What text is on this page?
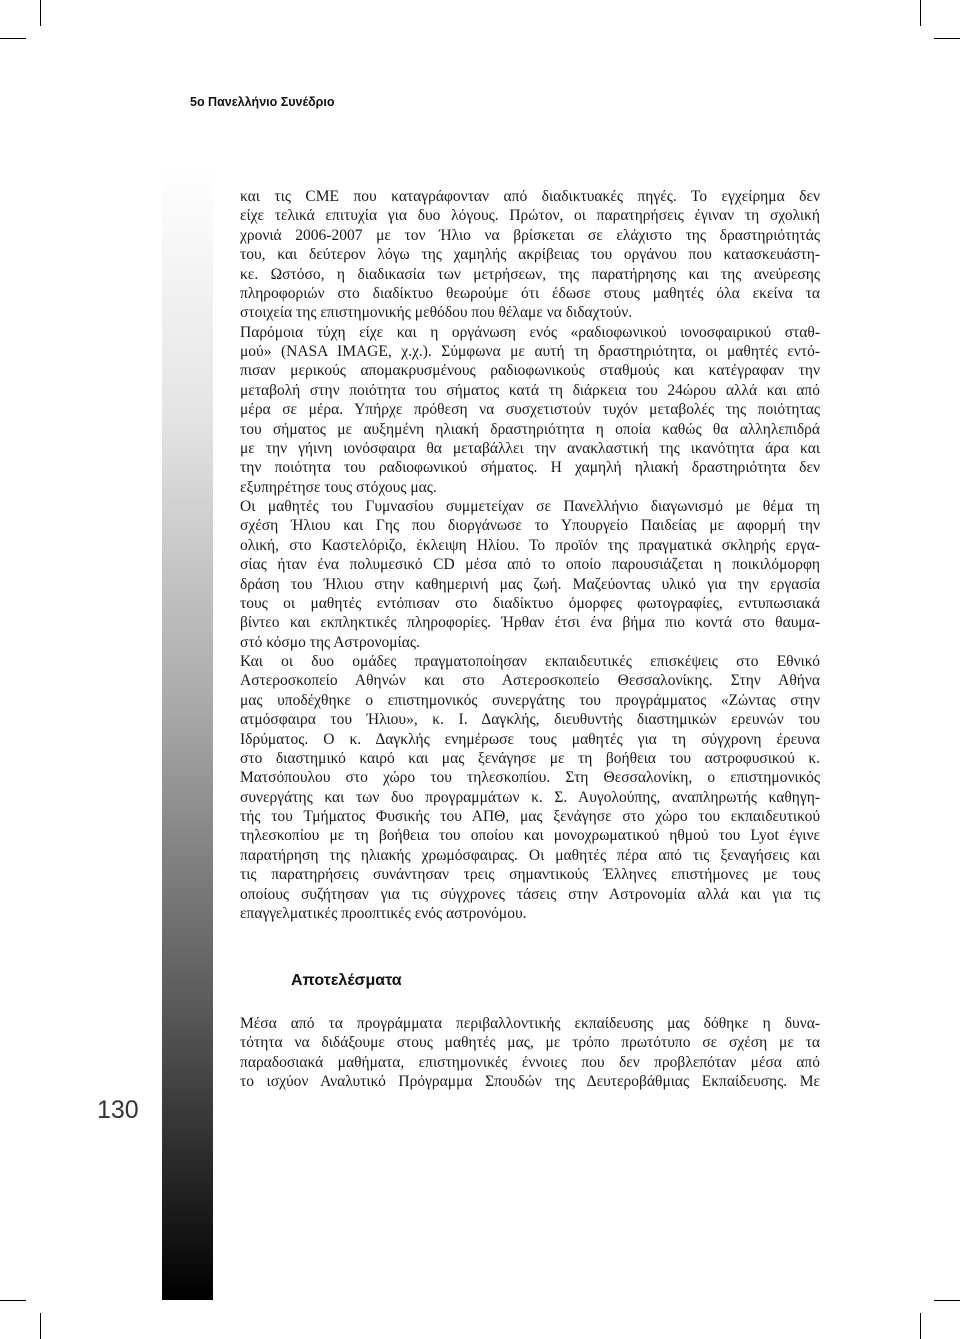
5ο Πανελλήνιο Συνέδριο
130
και τις CME που καταγράφονταν από διαδικτυακές πηγές. Το εγχείρημα δεν
είχε τελικά επιτυχία για δυο λόγους. Πρώτον, οι παρατηρήσεις έγιναν τη σχολική
χρονιά 2006-2007 με τον Ήλιο να βρίσκεται σε ελάχιστο της δραστηριότητάς
του, και δεύτερον λόγω της χαμηλής ακρίβειας του οργάνου που κατασκευάστη-
κε. Ωστόσο, η διαδικασία των μετρήσεων, της παρατήρησης και της ανεύρεσης
πληροφοριών στο διαδίκτυο θεωρούμε ότι έδωσε στους μαθητές όλα εκείνα τα
στοιχεία της επιστημονικής μεθόδου που θέλαμε να διδαχτούν.
Παρόμοια τύχη είχε και η οργάνωση ενός «ραδιοφωνικού ιονοσφαιρικού σταθ-
μού» (NASA IMAGE, χ.χ.). Σύμφωνα με αυτή τη δραστηριότητα, οι μαθητές εντό-
πισαν μερικούς απομακρυσμένους ραδιοφωνικούς σταθμούς και κατέγραφαν την
μεταβολή στην ποιότητα του σήματος κατά τη διάρκεια του 24ώρου αλλά και από
μέρα σε μέρα. Υπήρχε πρόθεση να συσχετιστούν τυχόν μεταβολές της ποιότητας
του σήματος με αυξημένη ηλιακή δραστηριότητα η οποία καθώς θα αλληλεπιδρά
με την γήινη ιονόσφαιρα θα μεταβάλλει την ανακλαστική της ικανότητα άρα και
την ποιότητα του ραδιοφωνικού σήματος. Η χαμηλή ηλιακή δραστηριότητα δεν
εξυπηρέτησε τους στόχους μας.
Οι μαθητές του Γυμνασίου συμμετείχαν σε Πανελλήνιο διαγωνισμό με θέμα τη
σχέση Ήλιου και Γης που διοργάνωσε το Υπουργείο Παιδείας με αφορμή την
ολική, στο Καστελόριζο, έκλειψη Ηλίου. Το προϊόν της πραγματικά σκληρής εργα-
σίας ήταν ένα πολυμεσικό CD μέσα από το οποίο παρουσιάζεται η ποικιλόμορφη
δράση του Ήλιου στην καθημερινή μας ζωή. Μαζεύοντας υλικό για την εργασία
τους οι μαθητές εντόπισαν στο διαδίκτυο όμορφες φωτογραφίες, εντυπωσιακά
βίντεο και εκπληκτικές πληροφορίες. Ήρθαν έτσι ένα βήμα πιο κοντά στο θαυμα-
στό κόσμο της Αστρονομίας.
Και οι δυο ομάδες πραγματοποίησαν εκπαιδευτικές επισκέψεις στο Εθνικό
Αστεροσκοπείο Αθηνών και στο Αστεροσκοπείο Θεσσαλονίκης. Στην Αθήνα
μας υποδέχθηκε ο επιστημονικός συνεργάτης του προγράμματος «Ζώντας στην
ατμόσφαιρα του Ήλιου», κ. Ι. Δαγκλής, διευθυντής διαστημικών ερευνών του
Ιδρύματος. Ο κ. Δαγκλής ενημέρωσε τους μαθητές για τη σύγχρονη έρευνα
στο διαστημικό καιρό και μας ξενάγησε με τη βοήθεια του αστροφυσικού κ.
Ματσόπουλου στο χώρο του τηλεσκοπίου. Στη Θεσσαλονίκη, ο επιστημονικός
συνεργάτης και των δυο προγραμμάτων κ. Σ. Αυγολούπης, αναπληρωτής καθηγη-
τής του Τμήματος Φυσικής του ΑΠΘ, μας ξενάγησε στο χώρο του εκπαιδευτικού
τηλεσκοπίου με τη βοήθεια του οποίου και μονοχρωματικού ηθμού του Lyot έγινε
παρατήρηση της ηλιακής χρωμόσφαιρας. Οι μαθητές πέρα από τις ξεναγήσεις και
τις παρατηρήσεις συνάντησαν τρεις σημαντικούς Έλληνες επιστήμονες με τους
οποίους συζήτησαν για τις σύγχρονες τάσεις στην Αστρονομία αλλά και για τις
επαγγελματικές προοπτικές ενός αστρονόμου.
Αποτελέσματα
Μέσα από τα προγράμματα περιβαλλοντικής εκπαίδευσης μας δόθηκε η δυνα-
τότητα να διδάξουμε στους μαθητές μας, με τρόπο πρωτότυπο σε σχέση με τα
παραδοσιακά μαθήματα, επιστημονικές έννοιες που δεν προβλεπόταν μέσα από
το ισχύον Αναλυτικό Πρόγραμμα Σπουδών της Δευτεροβάθμιας Εκπαίδευσης. Με
